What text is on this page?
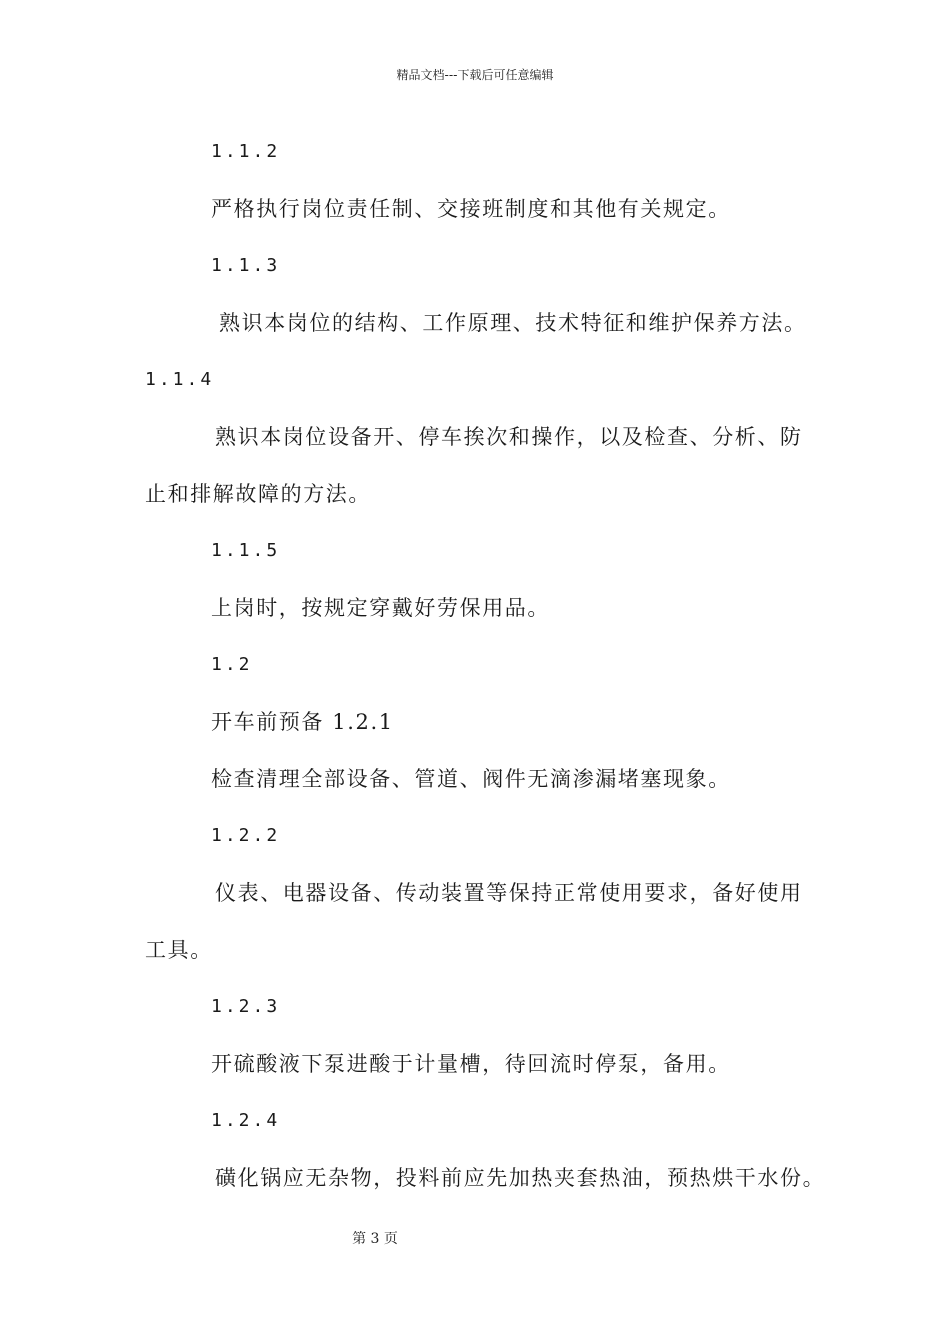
精品文档---下载后可任意编辑
1.1.2
严格执行岗位责任制、交接班制度和其他有关规定。
1.1.3
熟识本岗位的结构、工作原理、技术特征和维护保养方法。
1.1.4
熟识本岗位设备开、停车挨次和操作，以及检查、分析、防
止和排解故障的方法。
1.1.5
上岗时，按规定穿戴好劳保用品。
1.2
开车前预备 1.2.1
检查清理全部设备、管道、阀件无滴渗漏堵塞现象。
1.2.2
仪表、电器设备、传动装置等保持正常使用要求，备好使用
工具。
1.2.3
开硫酸液下泵进酸于计量槽，待回流时停泵，备用。
1.2.4
磺化锅应无杂物，投料前应先加热夹套热油，预热烘干水份。
第 3 页
